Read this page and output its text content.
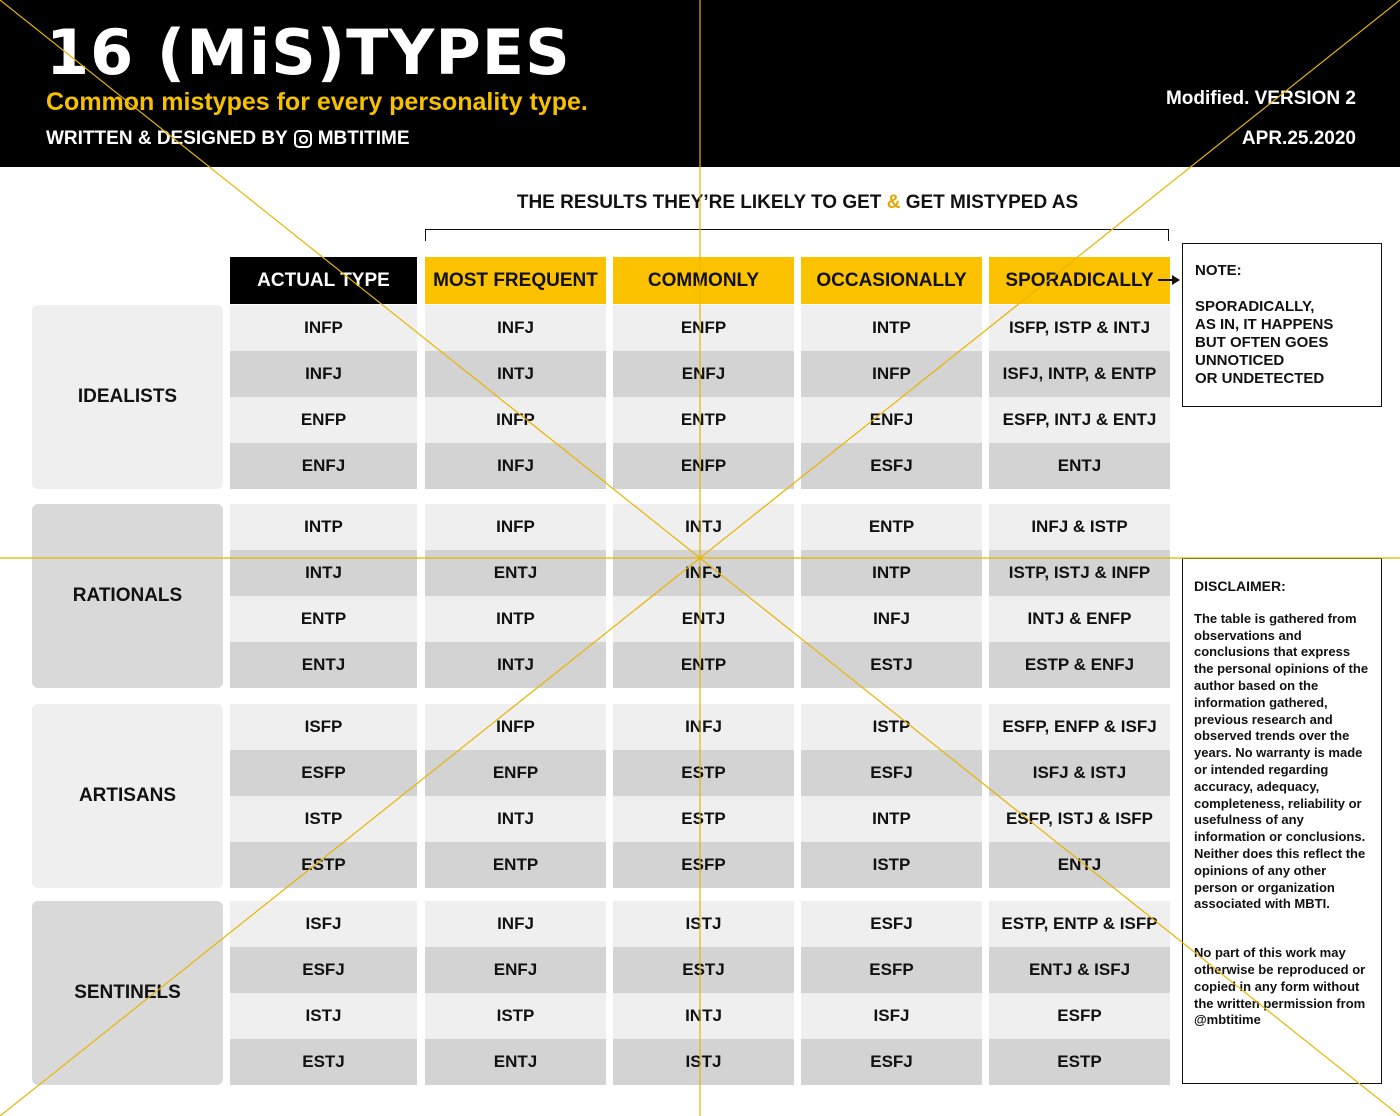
16 (MiS)TYPES
Common mistypes for every personality type.
WRITTEN & DESIGNED BY MBTITIME
Modified. VERSION 2
APR.25.2020
THE RESULTS THEY’RE LIKELY TO GET & GET MISTYPED AS
ACTUAL TYPE	MOST FREQUENT	COMMONLY	OCCASIONALLY	SPORADICALLY
IDEALISTS
INFP	INFJ	ENFP	INTP	ISFP, ISTP & INTJ
INFJ	INTJ	ENFJ	INFP	ISFJ, INTP, & ENTP
ENFP	INFP	ENTP	ENFJ	ESFP, INTJ & ENTJ
ENFJ	INFJ	ENFP	ESFJ	ENTJ
RATIONALS
INTP	INFP	INTJ	ENTP	INFJ & ISTP
INTJ	ENTJ	INFJ	INTP	ISTP, ISTJ & INFP
ENTP	INTP	ENTJ	INFJ	INTJ & ENFP
ENTJ	INTJ	ENTP	ESTJ	ESTP & ENFJ
ARTISANS
ISFP	INFP	INFJ	ISTP	ESFP, ENFP & ISFJ
ESFP	ENFP	ESTP	ESFJ	ISFJ & ISTJ
ISTP	INTJ	ESTP	INTP	ESFP, ISTJ & ISFP
ESTP	ENTP	ESFP	ISTP	ENTJ
SENTINELS
ISFJ	INFJ	ISTJ	ESFJ	ESTP, ENTP & ISFP
ESFJ	ENFJ	ESTJ	ESFP	ENTJ & ISFJ
ISTJ	ISTP	INTJ	ISFJ	ESFP
ESTJ	ENTJ	ISTJ	ESFJ	ESTP
NOTE:
SPORADICALLY,
AS IN, IT HAPPENS
BUT OFTEN GOES
UNNOTICED
OR UNDETECTED
DISCLAIMER:
The table is gathered from observations and conclusions that express the personal opinions of the author based on the information gathered, previous research and observed trends over the years. No warranty is made or intended regarding accuracy, adequacy, completeness, reliability or usefulness of any information or conclusions. Neither does this reflect the opinions of any other person or organization associated with MBTI.
No part of this work may otherwise be reproduced or copied in any form without the written permission from @mbtitime
